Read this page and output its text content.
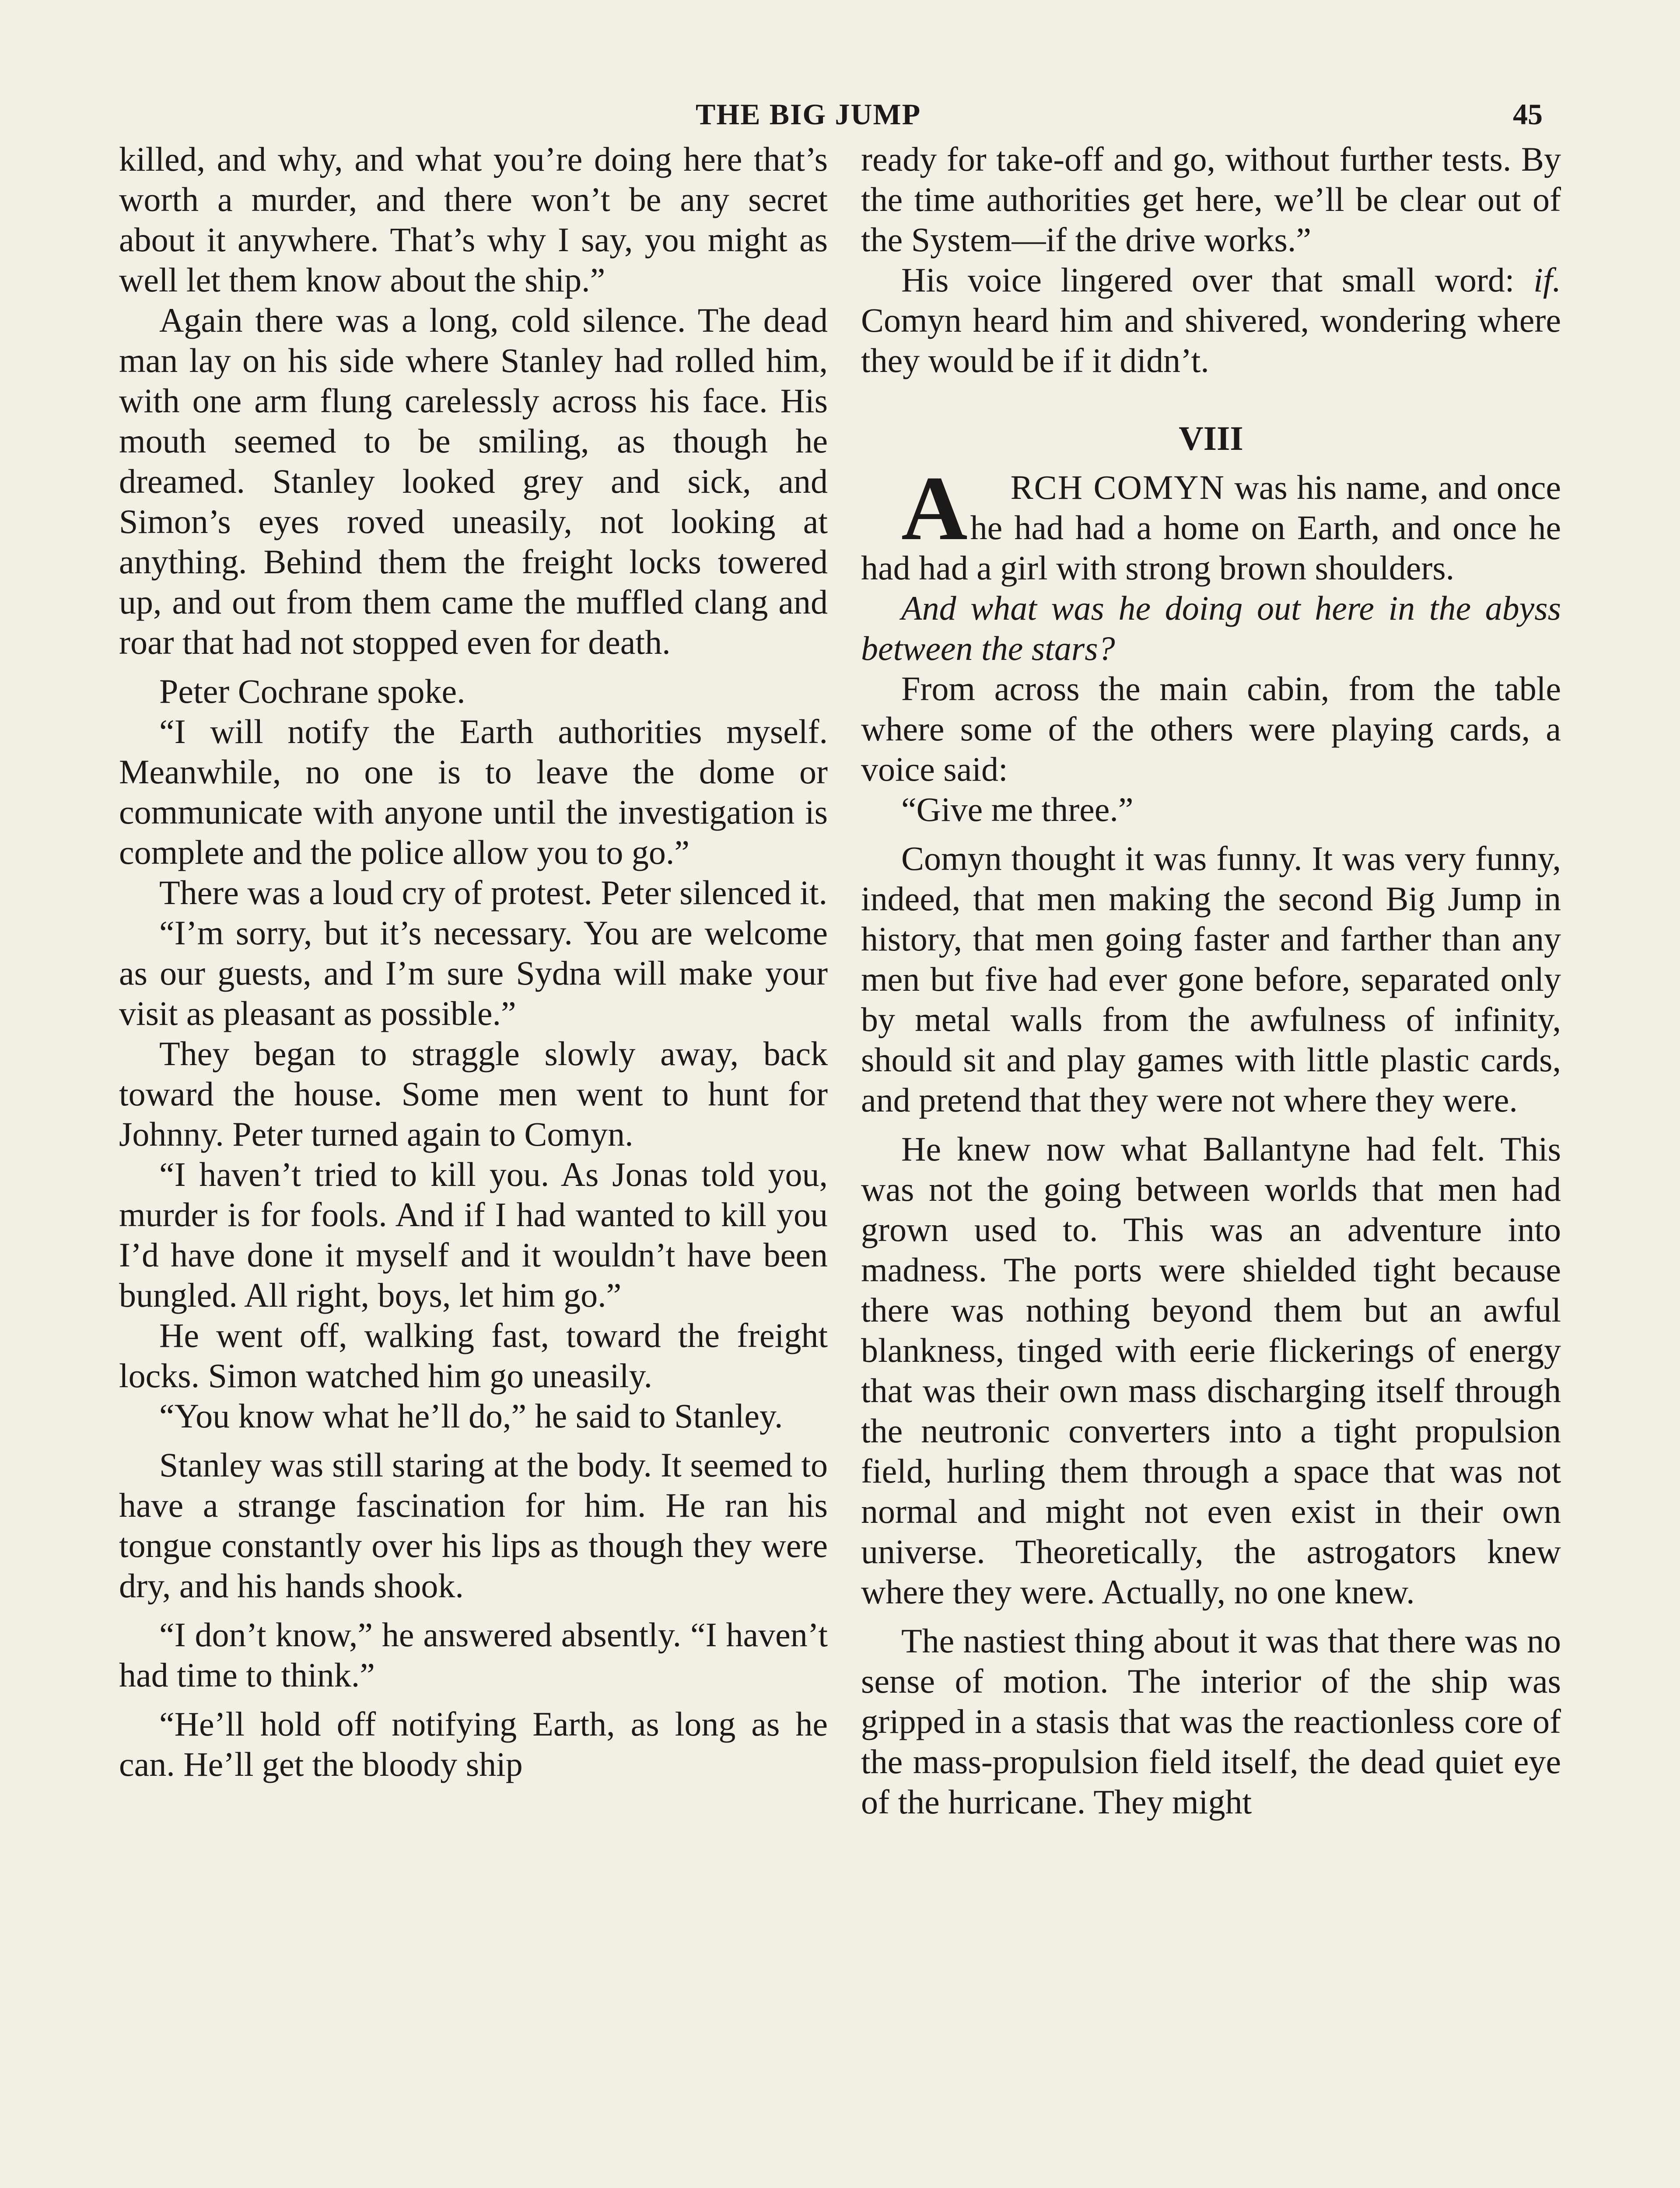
THE BIG JUMP	45

killed, and why, and what you’re doing here that’s worth a murder, and there won’t be any secret about it anywhere. That’s why I say, you might as well let them know about the ship.”

Again there was a long, cold silence. The dead man lay on his side where Stanley had rolled him, with one arm flung carelessly across his face. His mouth seemed to be smiling, as though he dreamed. Stanley looked grey and sick, and Simon’s eyes roved uneasily, not looking at anything. Behind them the freight locks towered up, and out from them came the muffled clang and roar that had not stopped even for death.

Peter Cochrane spoke.

“I will notify the Earth authorities myself. Meanwhile, no one is to leave the dome or communicate with anyone until the investigation is complete and the police allow you to go.”

There was a loud cry of protest. Peter silenced it.

“I’m sorry, but it’s necessary. You are welcome as our guests, and I’m sure Sydna will make your visit as pleasant as possible.”

They began to straggle slowly away, back toward the house. Some men went to hunt for Johnny. Peter turned again to Comyn.

“I haven’t tried to kill you. As Jonas told you, murder is for fools. And if I had wanted to kill you I’d have done it myself and it wouldn’t have been bungled. All right, boys, let him go.”

He went off, walking fast, toward the freight locks. Simon watched him go uneasily.

“You know what he’ll do,” he said to Stanley.

Stanley was still staring at the body. It seemed to have a strange fascination for him. He ran his tongue constantly over his lips as though they were dry, and his hands shook.

“I don’t know,” he answered absently. “I haven’t had time to think.”

“He’ll hold off notifying Earth, as long as he can. He’ll get the bloody ship

ready for take-off and go, without further tests. By the time authorities get here, we’ll be clear out of the System—if the drive works.”

His voice lingered over that small word: if. Comyn heard him and shivered, wondering where they would be if it didn’t.

VIII

A RCH COMYN was his name, and once he had had a home on Earth, and once he had had a girl with strong brown shoulders.

And what was he doing out here in the abyss between the stars?

From across the main cabin, from the table where some of the others were playing cards, a voice said:

“Give me three.”

Comyn thought it was funny. It was very funny, indeed, that men making the second Big Jump in history, that men going faster and farther than any men but five had ever gone before, separated only by metal walls from the awfulness of infinity, should sit and play games with little plastic cards, and pretend that they were not where they were.

He knew now what Ballantyne had felt. This was not the going between worlds that men had grown used to. This was an adventure into madness. The ports were shielded tight because there was nothing beyond them but an awful blankness, tinged with eerie flickerings of energy that was their own mass discharging itself through the neutronic converters into a tight propulsion field, hurling them through a space that was not normal and might not even exist in their own universe. Theoretically, the astrogators knew where they were. Actually, no one knew.

The nastiest thing about it was that there was no sense of motion. The interior of the ship was gripped in a stasis that was the reactionless core of the mass-propulsion field itself, the dead quiet eye of the hurricane. They might
